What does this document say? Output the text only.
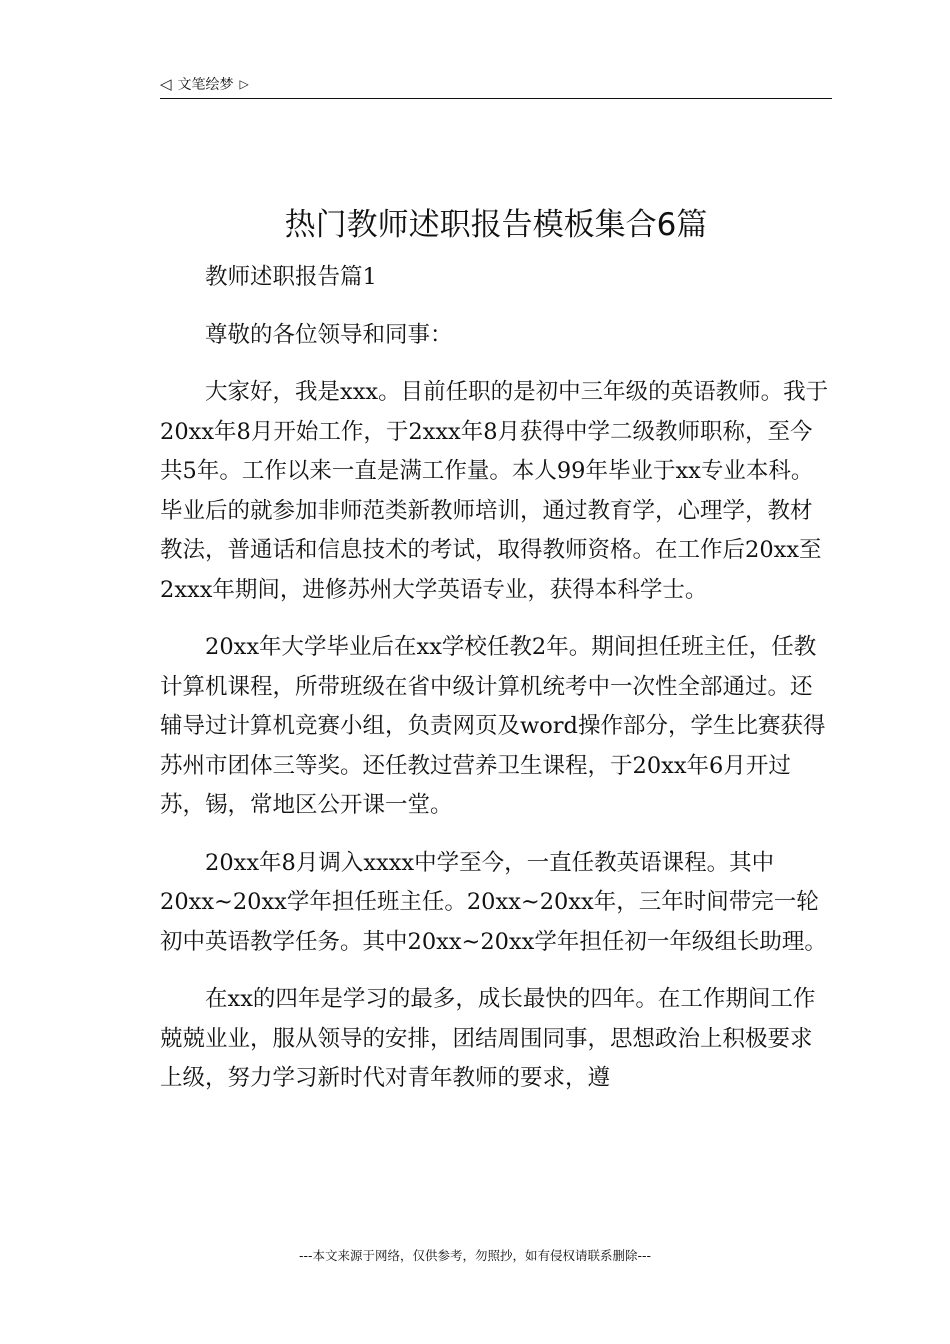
◁ 文笔绘梦 ▷
热门教师述职报告模板集合6篇

教师述职报告篇1

尊敬的各位领导和同事：

大家好，我是xxx。目前任职的是初中三年级的英语教师。我于20xx年8月开始工作，于2xxx年8月获得中学二级教师职称，至今共5年。工作以来一直是满工作量。本人99年毕业于xx专业本科。毕业后的就参加非师范类新教师培训，通过教育学，心理学，教材教法，普通话和信息技术的考试，取得教师资格。在工作后20xx至2xxx年期间，进修苏州大学英语专业，获得本科学士。

20xx年大学毕业后在xx学校任教2年。期间担任班主任，任教计算机课程，所带班级在省中级计算机统考中一次性全部通过。还辅导过计算机竞赛小组，负责网页及word操作部分，学生比赛获得苏州市团体三等奖。还任教过营养卫生课程，于20xx年6月开过苏，锡，常地区公开课一堂。

20xx年8月调入xxxx中学至今，一直任教英语课程。其中20xx~20xx学年担任班主任。20xx~20xx年，三年时间带完一轮初中英语教学任务。其中20xx~20xx学年担任初一年级组长助理。

在xx的四年是学习的最多，成长最快的四年。在工作期间工作兢兢业业，服从领导的安排，团结周围同事，思想政治上积极要求上级，努力学习新时代对青年教师的要求，遵

---本文来源于网络，仅供参考，勿照抄，如有侵权请联系删除---
